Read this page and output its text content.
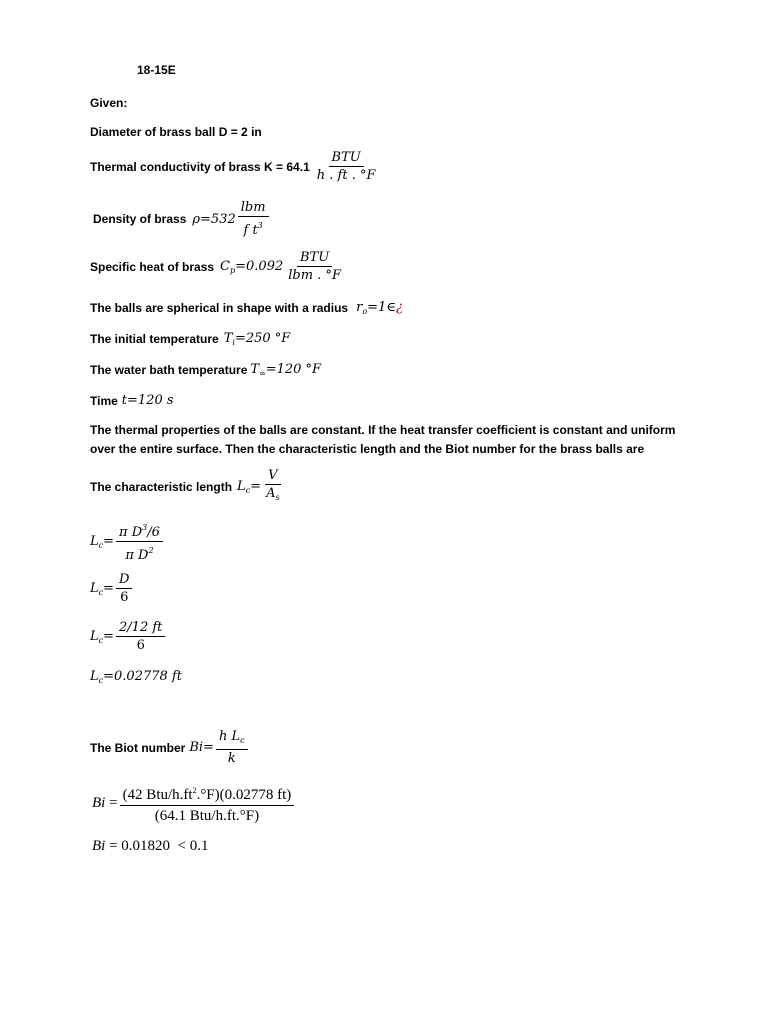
18-15E
Given:
Diameter of brass ball D = 2 in
Thermal conductivity of brass $K = 64.1 \frac{\text{BTU}}{h . ft . ^\circ F}$
Density of brass $\rho=532 \frac{\text{lbm}}{f t^3}$
Specific heat of brass $C_p=0.092 \frac{\text{BTU}}{\text{lbm . °F}}$
The balls are spherical in shape with a radius $r_o=1\in¿$
The initial temperature $T_i=250$ °F
The water bath temperature $T_\infty=120$ °F
Time t=120 s
The thermal properties of the balls are constant. If the heat transfer coefficient is constant and uniform
over the entire surface. Then the characteristic length and the Biot number for the brass balls are
The characteristic length $L_c= \frac{V}{A_s}$
$L_c= \frac{\pi D^3/6}{\pi D^2}$
$L_c= \frac{D}{6}$
$L_c= \frac{2/12 ft}{6}$
$L_c=0.02778$ ft
The Biot number $Bi= \frac{h L_c}{k}$
$Bi = \frac{(42 Btu/h.ft^2.^\circ F)(0.02778 ft)}{\text{(64.1 Btu/h.ft.°F)}}$
Bi = 0.01820  < 0.1
